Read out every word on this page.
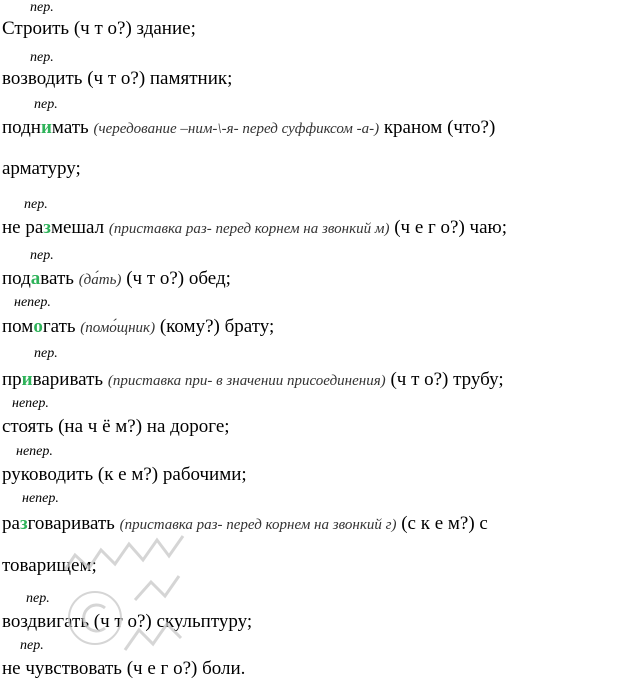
пер.
Строить (ч т о?) здание;
пер.
возводить (ч т о?) памятник;
пер.
поднимать (чередование –ним-\-я- перед суффиксом -а-) краном (что?)
арматуру;
пер.
не размешал (приставка раз- перед корнем на звонкий м) (ч е г о?) чаю;
пер.
подавать (да́ть) (ч т о?) обед;
непер.
помогать (помо́щник) (кому?) брату;
пер.
приваривать (приставка при- в значении присоединения) (ч т о?) трубу;
непер.
стоять (на ч ё м?) на дороге;
непер.
руководить (к е м?) рабочими;
непер.
разговаривать (приставка раз- перед корнем на звонкий г) (с к е м?) с
товарищем;
пер.
воздвигать (ч т о?) скульптуру;
пер.
не чувствовать (ч е г о?) боли.
